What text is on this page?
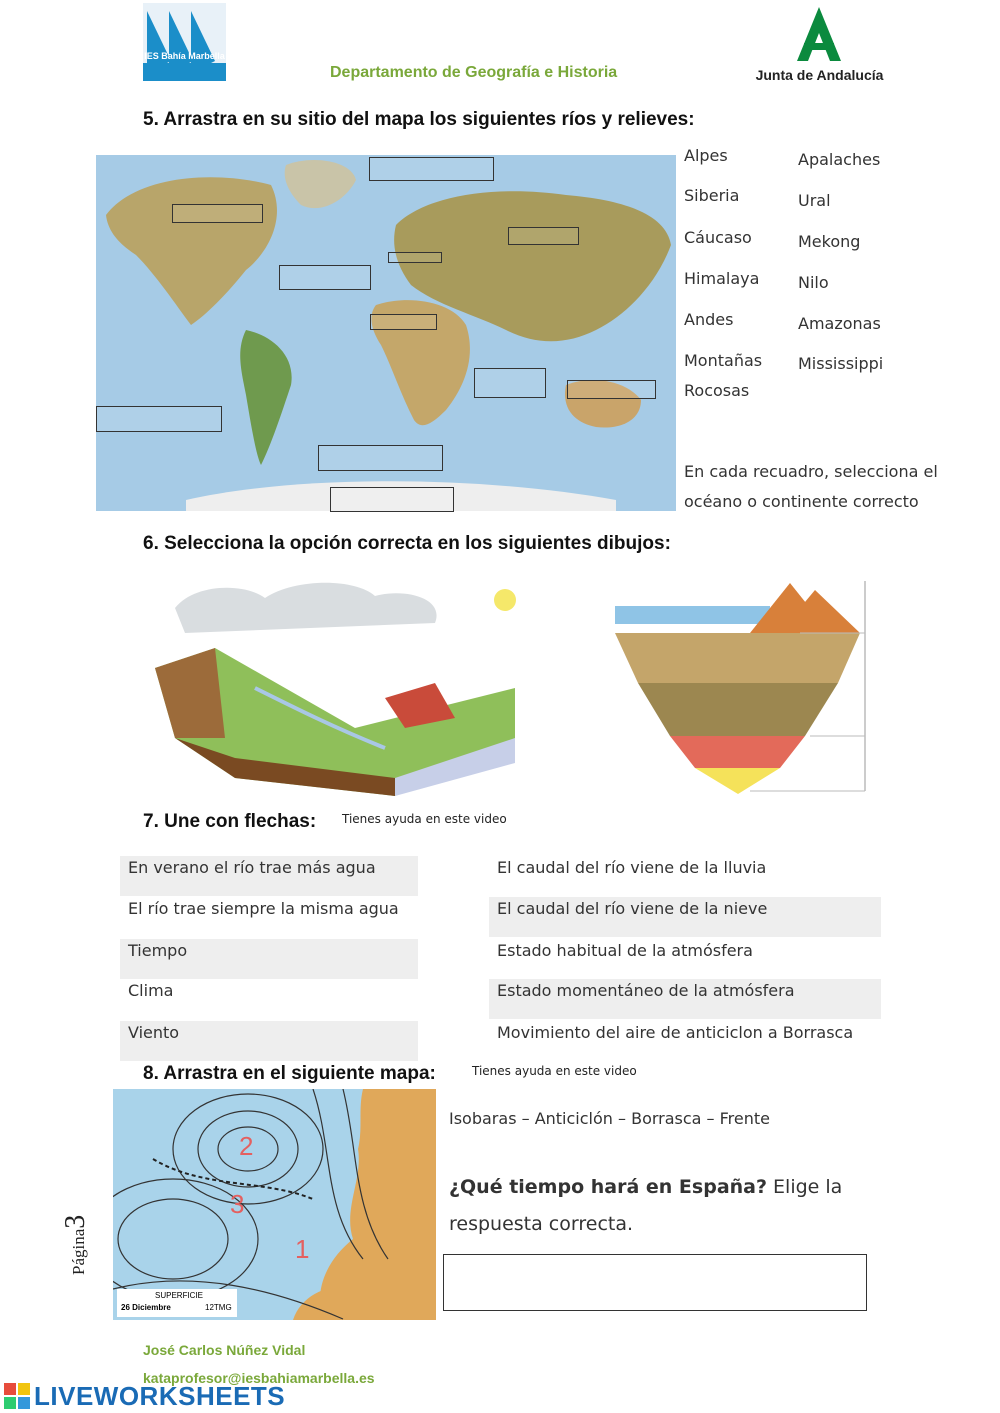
IES Bahía Marbella
Departamento de Geografía e Historia	Junta de Andalucía
5. Arrastra en su sitio del mapa los siguientes ríos y relieves:
Alpes
Siberia
Cáucaso
Himalaya
Andes
Montañas
Rocosas
Apalaches
Ural
Mekong
Nilo
Amazonas
Mississippi
En cada recuadro, selecciona el
océano o continente correcto
6. Selecciona la opción correcta en los siguientes dibujos:
7. Une con flechas: Tienes ayuda en este video
En verano el río trae más agua
El río trae siempre la misma agua
Tiempo
Clima
Viento
El caudal del río viene de la lluvia
El caudal del río viene de la nieve
Estado habitual de la atmósfera
Estado momentáneo de la atmósfera
Movimiento del aire de anticiclon a Borrasca
8. Arrastra en el siguiente mapa:	Tienes ayuda en este video
2
3
1
SUPERFICIE
26 Diciembre	12TMG
Isobaras – Anticiclón – Borrasca – Frente
¿Qué tiempo hará en España? Elige la
respuesta correcta.
Página3
José Carlos Núñez Vidal
kataprofesor@iesbahiamarbella.es
LIVEWORKSHEETS
